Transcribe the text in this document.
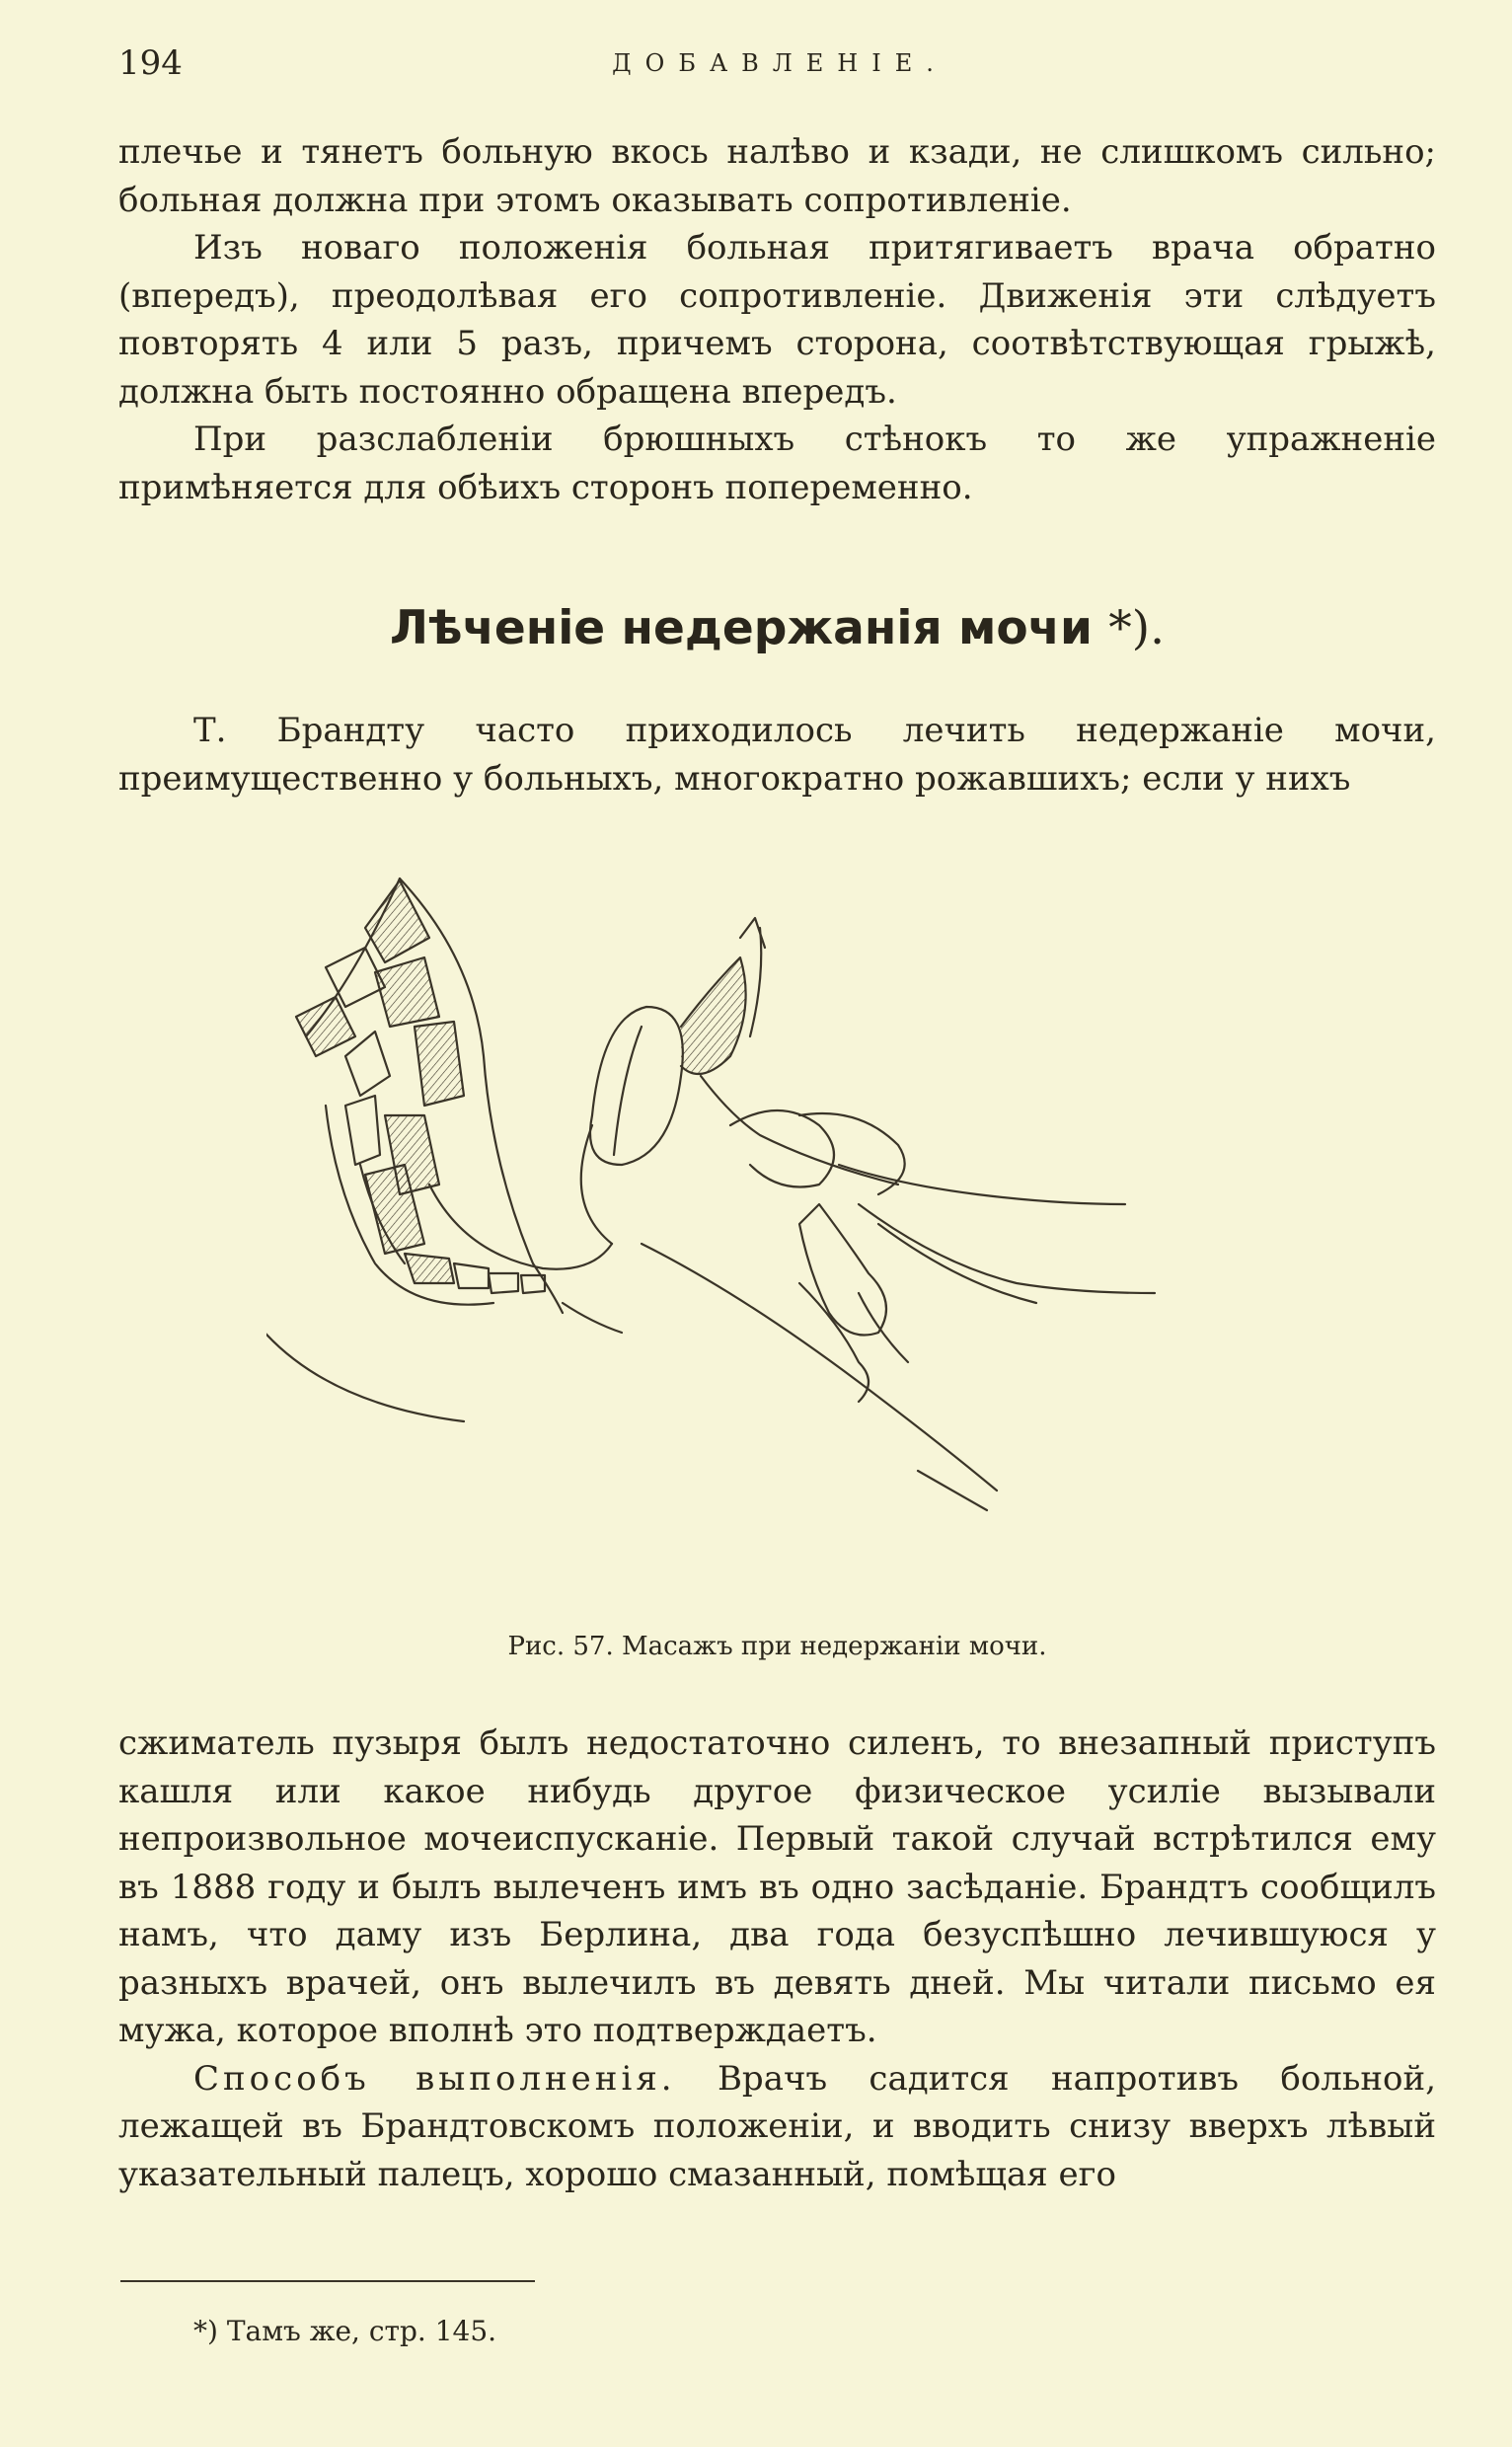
194	ДОБАВЛЕНІЕ.

плечье и тянетъ больную вкось налѣво и кзади, не слишкомъ сильно; больная должна при этомъ оказывать сопротивленіе.

Изъ новаго положенія больная притягиваетъ врача обратно (впередъ), преодолѣвая его сопротивленіе. Движенія эти слѣдуетъ повторять 4 или 5 разъ, причемъ сторона, соотвѣтствующая грыжѣ, должна быть постоянно обращена впередъ.

При разслабленіи брюшныхъ стѣнокъ то же упражненіе примѣняется для обѣихъ сторонъ попеременно.

Лѣченіе недержанія мочи *).

Т. Брандту часто приходилось лечить недержаніе мочи, преимущественно у больныхъ, многократно рожавшихъ; если у нихъ

Рис. 57. Масажъ при недержаніи мочи.

сжиматель пузыря былъ недостаточно силенъ, то внезапный приступъ кашля или какое нибудь другое физическое усиліе вызывали непроизвольное мочеиспусканіе. Первый такой случай встрѣтился ему въ 1888 году и былъ вылеченъ имъ въ одно засѣданіе. Брандтъ сообщилъ намъ, что даму изъ Берлина, два года безуспѣшно лечившуюся у разныхъ врачей, онъ вылечилъ въ девять дней. Мы читали письмо ея мужа, которое вполнѣ это подтверждаетъ.

Способъ выполненія. Врачъ садится напротивъ больной, лежащей въ Брандтовскомъ положеніи, и вводить снизу вверхъ лѣвый указательный палецъ, хорошо смазанный, помѣщая его

*) Тамъ же, стр. 145.
